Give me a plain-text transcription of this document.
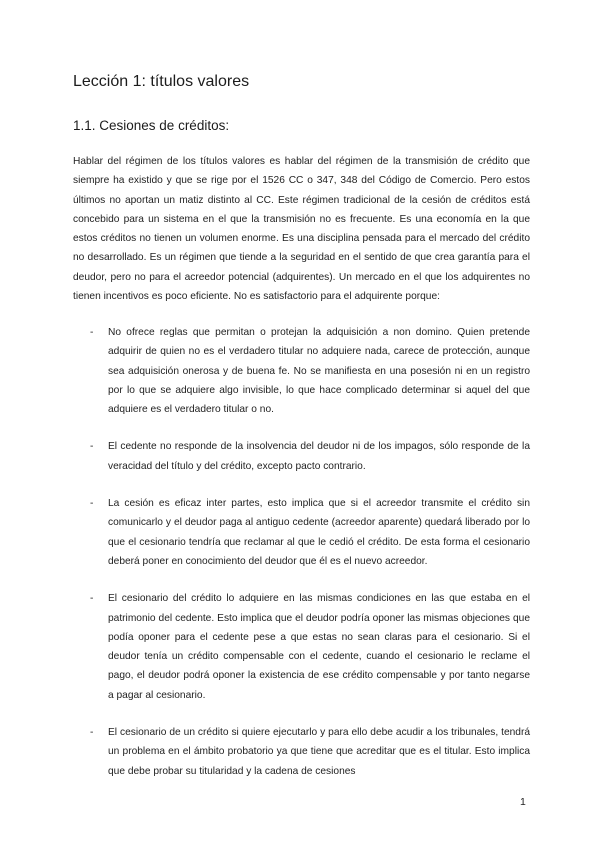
Lección 1: títulos valores
1.1. Cesiones de créditos:

Hablar del régimen de los títulos valores es hablar del régimen de la transmisión de crédito que siempre ha existido y que se rige por el 1526 CC o 347, 348 del Código de Comercio. Pero estos últimos no aportan un matiz distinto al CC. Este régimen tradicional de la cesión de créditos está concebido para un sistema en el que la transmisión no es frecuente. Es una economía en la que estos créditos no tienen un volumen enorme. Es una disciplina pensada para el mercado del crédito no desarrollado. Es un régimen que tiende a la seguridad en el sentido de que crea garantía para el deudor, pero no para el acreedor potencial (adquirentes). Un mercado en el que los adquirentes no tienen incentivos es poco eficiente. No es satisfactorio para el adquirente porque:

- No ofrece reglas que permitan o protejan la adquisición a non domino. Quien pretende adquirir de quien no es el verdadero titular no adquiere nada, carece de protección, aunque sea adquisición onerosa y de buena fe. No se manifiesta en una posesión ni en un registro por lo que se adquiere algo invisible, lo que hace complicado determinar si aquel del que adquiere es el verdadero titular o no.
- El cedente no responde de la insolvencia del deudor ni de los impagos, sólo responde de la veracidad del título y del crédito, excepto pacto contrario.
- La cesión es eficaz inter partes, esto implica que si el acreedor transmite el crédito sin comunicarlo y el deudor paga al antiguo cedente (acreedor aparente) quedará liberado por lo que el cesionario tendría que reclamar al que le cedió el crédito. De esta forma el cesionario deberá poner en conocimiento del deudor que él es el nuevo acreedor.
- El cesionario del crédito lo adquiere en las mismas condiciones en las que estaba en el patrimonio del cedente. Esto implica que el deudor podría oponer las mismas objeciones que podía oponer para el cedente pese a que estas no sean claras para el cesionario. Si el deudor tenía un crédito compensable con el cedente, cuando el cesionario le reclame el pago, el deudor podrá oponer la existencia de ese crédito compensable y por tanto negarse a pagar al cesionario.
- El cesionario de un crédito si quiere ejecutarlo y para ello debe acudir a los tribunales, tendrá un problema en el ámbito probatorio ya que tiene que acreditar que es el titular. Esto implica que debe probar su titularidad y la cadena de cesiones
1
